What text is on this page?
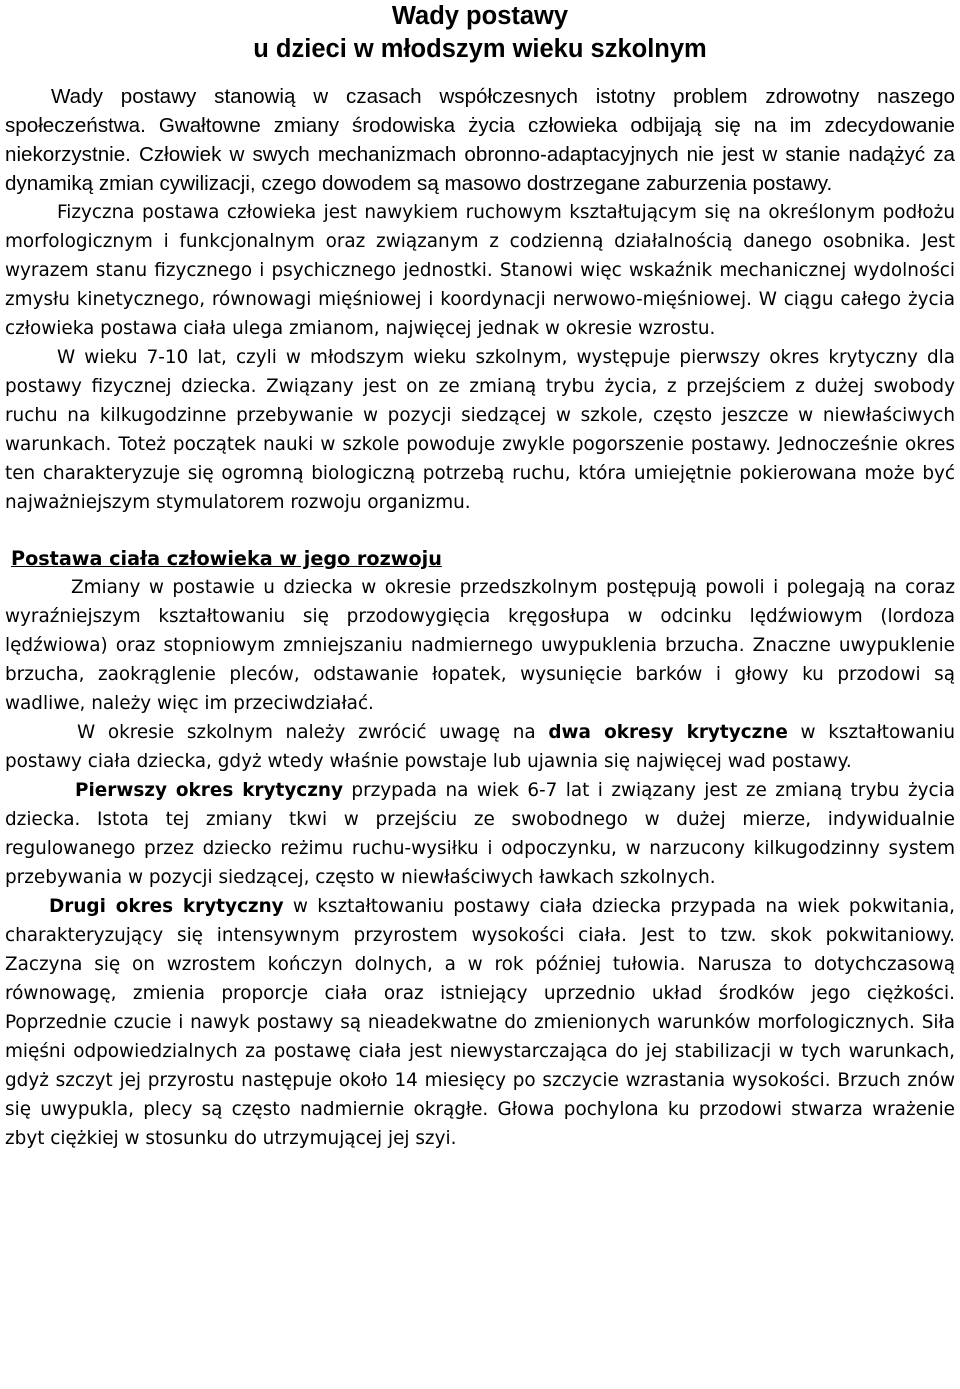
Wady postawy
u dzieci w młodszym wieku szkolnym

Wady postawy stanowią w czasach współczesnych istotny problem zdrowotny naszego społeczeństwa. Gwałtowne zmiany środowiska życia człowieka odbijają się na im zdecydowanie niekorzystnie. Człowiek w swych mechanizmach obronno-adaptacyjnych nie jest w stanie nadążyć za dynamiką zmian cywilizacji, czego dowodem są masowo dostrzegane zaburzenia postawy.

Fizyczna postawa człowieka jest nawykiem ruchowym kształtującym się na określonym podłożu morfologicznym i funkcjonalnym oraz związanym z codzienną działalnością danego osobnika. Jest wyrazem stanu fizycznego i psychicznego jednostki. Stanowi więc wskaźnik mechanicznej wydolności zmysłu kinetycznego, równowagi mięśniowej i koordynacji nerwowo-mięśniowej. W ciągu całego życia człowieka postawa ciała ulega zmianom, najwięcej jednak w okresie wzrostu.

W wieku 7-10 lat, czyli w młodszym wieku szkolnym, występuje pierwszy okres krytyczny dla postawy fizycznej dziecka. Związany jest on ze zmianą trybu życia, z przejściem z dużej swobody ruchu na kilkugodzinne przebywanie w pozycji siedzącej w szkole, często jeszcze w niewłaściwych warunkach. Toteż początek nauki w szkole powoduje zwykle pogorszenie postawy. Jednocześnie okres ten charakteryzuje się ogromną biologiczną potrzebą ruchu, która umiejętnie pokierowana może być najważniejszym stymulatorem rozwoju organizmu.

Postawa ciała człowieka w jego rozwoju

Zmiany w postawie u dziecka w okresie przedszkolnym postępują powoli i polegają na coraz wyraźniejszym kształtowaniu się przodowygięcia kręgosłupa w odcinku lędźwiowym (lordoza lędźwiowa) oraz stopniowym zmniejszaniu nadmiernego uwypuklenia brzucha. Znaczne uwypuklenie brzucha, zaokrąglenie pleców, odstawanie łopatek, wysunięcie barków i głowy ku przodowi są wadliwe, należy więc im przeciwdziałać.

W okresie szkolnym należy zwrócić uwagę na dwa okresy krytyczne w kształtowaniu postawy ciała dziecka, gdyż wtedy właśnie powstaje lub ujawnia się najwięcej wad postawy.

Pierwszy okres krytyczny przypada na wiek 6-7 lat i związany jest ze zmianą trybu życia dziecka. Istota tej zmiany tkwi w przejściu ze swobodnego w dużej mierze, indywidualnie regulowanego przez dziecko reżimu ruchu-wysiłku i odpoczynku, w narzucony kilkugodzinny system przebywania w pozycji siedzącej, często w niewłaściwych ławkach szkolnych.

Drugi okres krytyczny w kształtowaniu postawy ciała dziecka przypada na wiek pokwitania, charakteryzujący się intensywnym przyrostem wysokości ciała. Jest to tzw. skok pokwitaniowy. Zaczyna się on wzrostem kończyn dolnych, a w rok później tułowia. Narusza to dotychczasową równowagę, zmienia proporcje ciała oraz istniejący uprzednio układ środków jego ciężkości. Poprzednie czucie i nawyk postawy są nieadekwatne do zmienionych warunków morfologicznych. Siła mięśni odpowiedzialnych za postawę ciała jest niewystarczająca do jej stabilizacji w tych warunkach, gdyż szczyt jej przyrostu następuje około 14 miesięcy po szczycie wzrastania wysokości. Brzuch znów się uwypukla, plecy są często nadmiernie okrągłe. Głowa pochylona ku przodowi stwarza wrażenie zbyt ciężkiej w stosunku do utrzymującej jej szyi.
